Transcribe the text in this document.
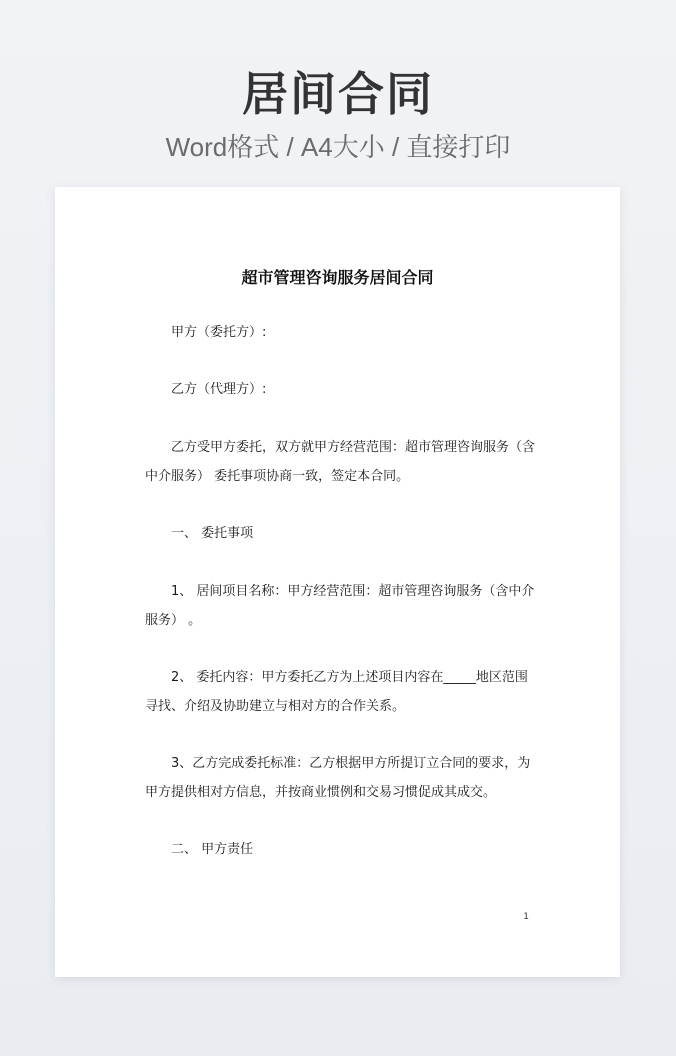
居间合同
Word格式 / A4大小 / 直接打印
超市管理咨询服务居间合同
甲方（委托方）:
乙方（代理方）:
乙方受甲方委托，双方就甲方经营范围：超市管理咨询服务（含
中介服务） 委托事项协商一致，签定本合同。
一、 委托事项
1、 居间项目名称：甲方经营范围：超市管理咨询服务（含中介
服务） 。
2、 委托内容：甲方委托乙方为上述项目内容在_____地区范围
寻找、介绍及协助建立与相对方的合作关系。
3、乙方完成委托标准：乙方根据甲方所提订立合同的要求，为
甲方提供相对方信息，并按商业惯例和交易习惯促成其成交。
二、 甲方责任
1
